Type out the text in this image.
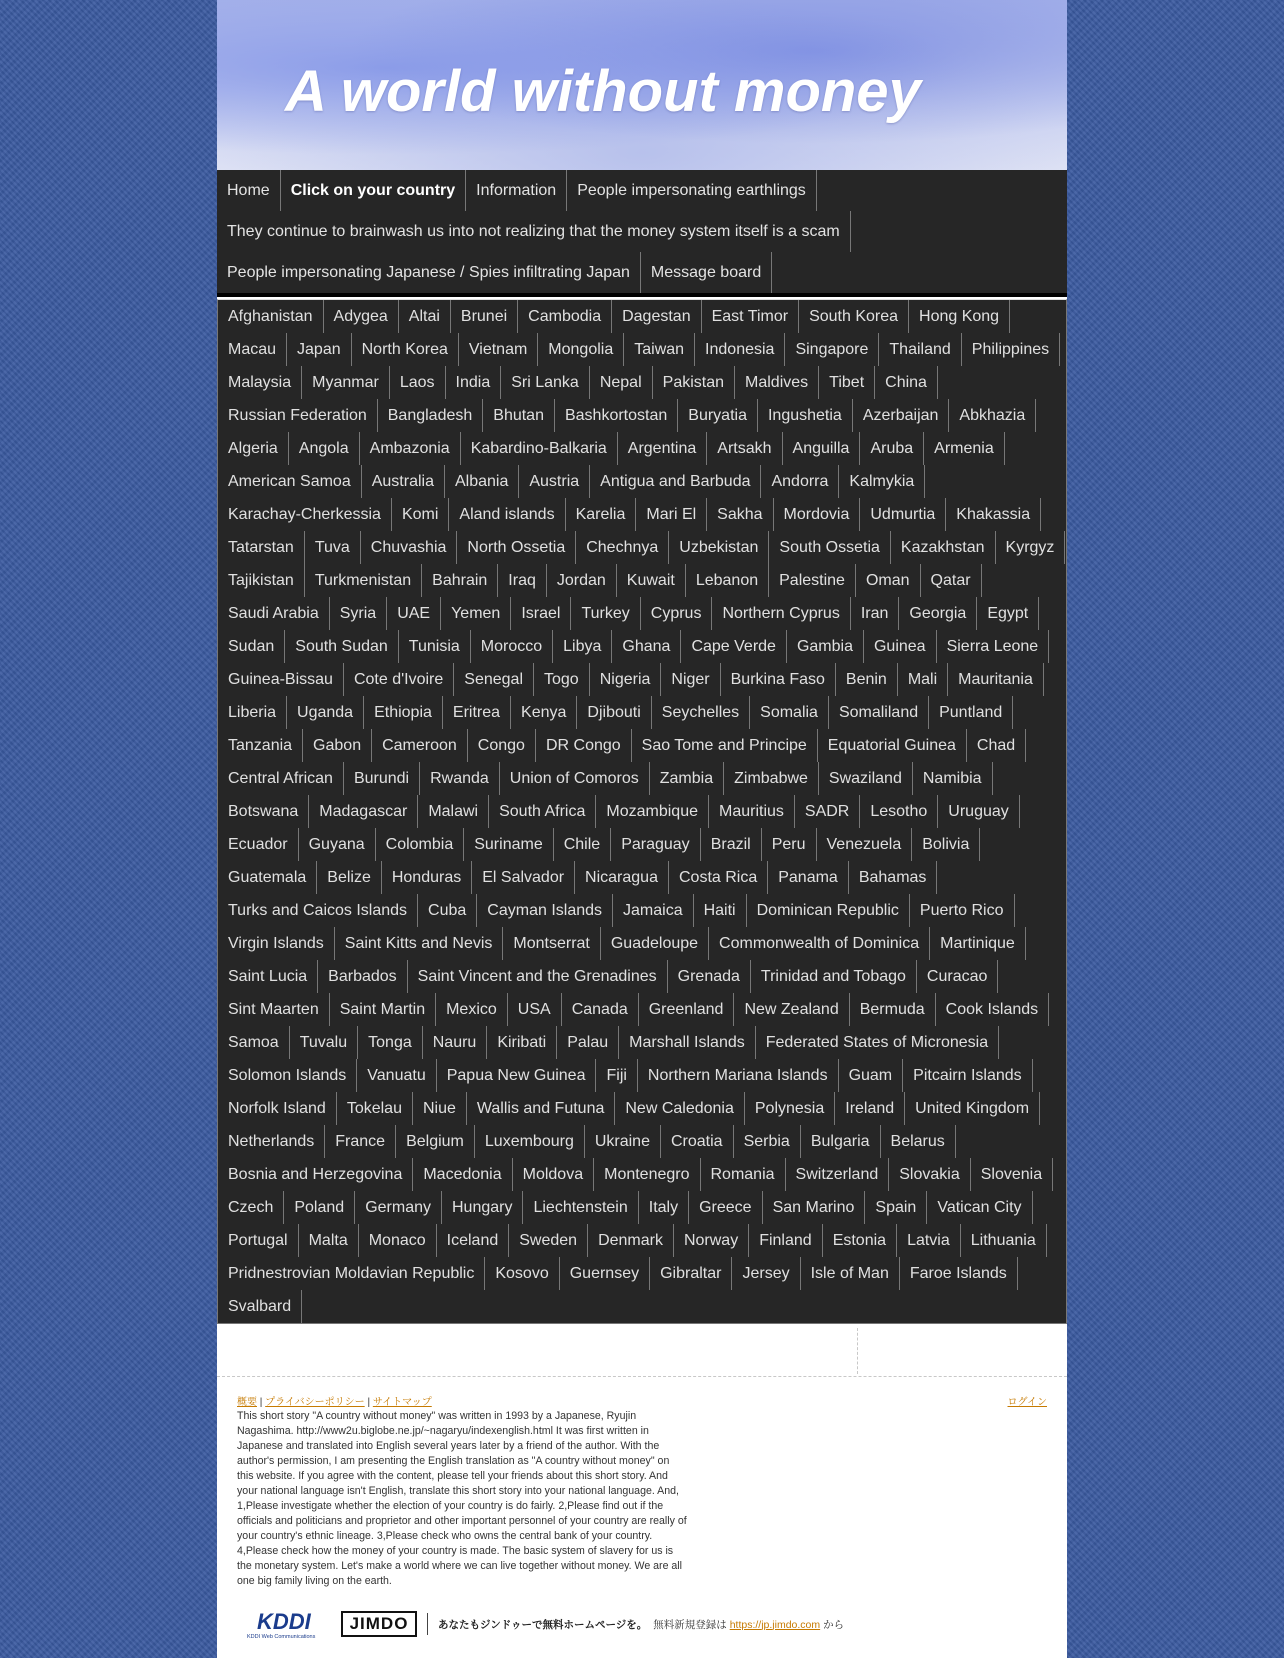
A world without money
Home	Click on your country	Information	People impersonating earthlings
They continue to brainwash us into not realizing that the money system itself is a scam
People impersonating Japanese / Spies infiltrating Japan	Message board
Afghanistan	Adygea	Altai	Brunei	Cambodia	Dagestan	East Timor	South Korea	Hong Kong
Macau	Japan	North Korea	Vietnam	Mongolia	Taiwan	Indonesia	Singapore	Thailand	Philippines
Malaysia	Myanmar	Laos	India	Sri Lanka	Nepal	Pakistan	Maldives	Tibet	China
Russian Federation	Bangladesh	Bhutan	Bashkortostan	Buryatia	Ingushetia	Azerbaijan	Abkhazia
Algeria	Angola	Ambazonia	Kabardino-Balkaria	Argentina	Artsakh	Anguilla	Aruba	Armenia
American Samoa	Australia	Albania	Austria	Antigua and Barbuda	Andorra	Kalmykia
Karachay-Cherkessia	Komi	Aland islands	Karelia	Mari El	Sakha	Mordovia	Udmurtia	Khakassia
Tatarstan	Tuva	Chuvashia	North Ossetia	Chechnya	Uzbekistan	South Ossetia	Kazakhstan	Kyrgyz
Tajikistan	Turkmenistan	Bahrain	Iraq	Jordan	Kuwait	Lebanon	Palestine	Oman	Qatar
Saudi Arabia	Syria	UAE	Yemen	Israel	Turkey	Cyprus	Northern Cyprus	Iran	Georgia	Egypt
Sudan	South Sudan	Tunisia	Morocco	Libya	Ghana	Cape Verde	Gambia	Guinea	Sierra Leone
Guinea-Bissau	Cote d'Ivoire	Senegal	Togo	Nigeria	Niger	Burkina Faso	Benin	Mali	Mauritania
Liberia	Uganda	Ethiopia	Eritrea	Kenya	Djibouti	Seychelles	Somalia	Somaliland	Puntland
Tanzania	Gabon	Cameroon	Congo	DR Congo	Sao Tome and Principe	Equatorial Guinea	Chad
Central African	Burundi	Rwanda	Union of Comoros	Zambia	Zimbabwe	Swaziland	Namibia
Botswana	Madagascar	Malawi	South Africa	Mozambique	Mauritius	SADR	Lesotho	Uruguay
Ecuador	Guyana	Colombia	Suriname	Chile	Paraguay	Brazil	Peru	Venezuela	Bolivia
Guatemala	Belize	Honduras	El Salvador	Nicaragua	Costa Rica	Panama	Bahamas
Turks and Caicos Islands	Cuba	Cayman Islands	Jamaica	Haiti	Dominican Republic	Puerto Rico
Virgin Islands	Saint Kitts and Nevis	Montserrat	Guadeloupe	Commonwealth of Dominica	Martinique
Saint Lucia	Barbados	Saint Vincent and the Grenadines	Grenada	Trinidad and Tobago	Curacao
Sint Maarten	Saint Martin	Mexico	USA	Canada	Greenland	New Zealand	Bermuda	Cook Islands
Samoa	Tuvalu	Tonga	Nauru	Kiribati	Palau	Marshall Islands	Federated States of Micronesia
Solomon Islands	Vanuatu	Papua New Guinea	Fiji	Northern Mariana Islands	Guam	Pitcairn Islands
Norfolk Island	Tokelau	Niue	Wallis and Futuna	New Caledonia	Polynesia	Ireland	United Kingdom
Netherlands	France	Belgium	Luxembourg	Ukraine	Croatia	Serbia	Bulgaria	Belarus
Bosnia and Herzegovina	Macedonia	Moldova	Montenegro	Romania	Switzerland	Slovakia	Slovenia
Czech	Poland	Germany	Hungary	Liechtenstein	Italy	Greece	San Marino	Spain	Vatican City
Portugal	Malta	Monaco	Iceland	Sweden	Denmark	Norway	Finland	Estonia	Latvia	Lithuania
Pridnestrovian Moldavian Republic	Kosovo	Guernsey	Gibraltar	Jersey	Isle of Man	Faroe Islands
Svalbard
概要 | プライバシーポリシー | サイトマップ	ログイン
This short story "A country without money" was written in 1993 by a Japanese, Ryujin Nagashima. http://www2u.biglobe.ne.jp/~nagaryu/indexenglish.html It was first written in Japanese and translated into English several years later by a friend of the author. With the author's permission, I am presenting the English translation as "A country without money" on this website. If you agree with the content, please tell your friends about this short story. And your national language isn't English, translate this short story into your national language. And, 1,Please investigate whether the election of your country is do fairly. 2,Please find out if the officials and politicians and proprietor and other important personnel of your country are really of your country's ethnic lineage. 3,Please check who owns the central bank of your country. 4,Please check how the money of your country is made. The basic system of slavery for us is the monetary system. Let's make a world where we can live together without money. We are all one big family living on the earth.
KDDI
KDDI Web Communications
JIMDO	あなたもジンドゥーで無料ホームページを。 無料新規登録は https://jp.jimdo.com から
